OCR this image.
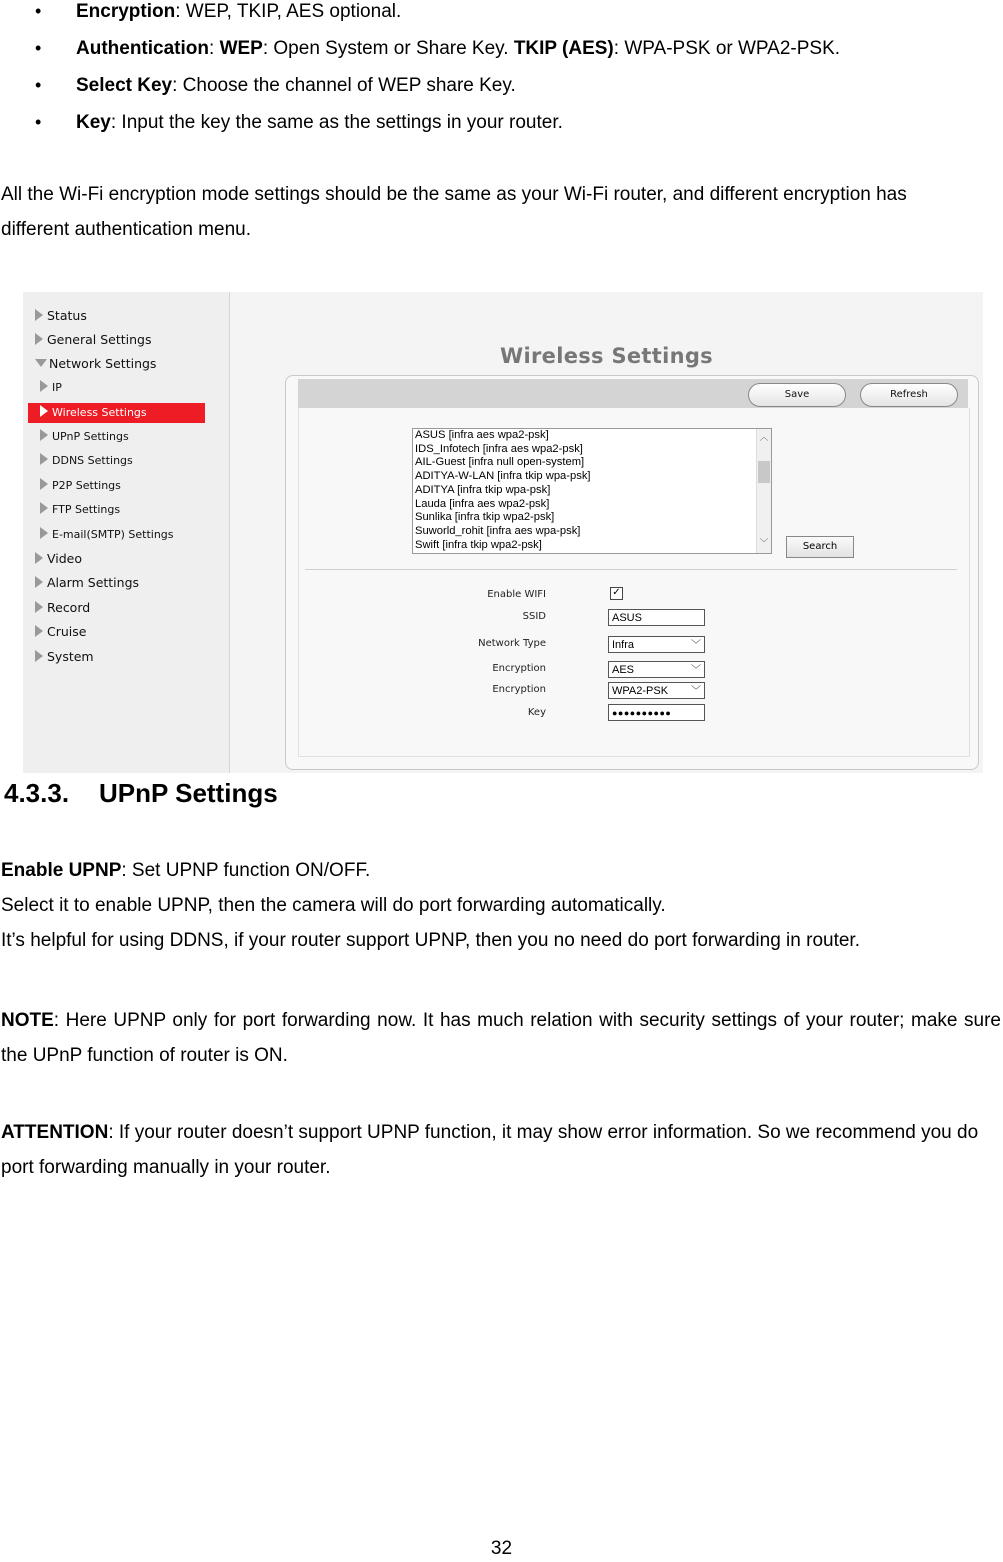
• Encryption: WEP, TKIP, AES optional.
• Authentication: WEP: Open System or Share Key. TKIP (AES): WPA-PSK or WPA2-PSK.
• Select Key: Choose the channel of WEP share Key.
• Key: Input the key the same as the settings in your router.
All the Wi-Fi encryption mode settings should be the same as your Wi-Fi router, and different encryption has
different authentication menu.
Status
General Settings
Network Settings
IP
Wireless Settings
UPnP Settings
DDNS Settings
P2P Settings
FTP Settings
E-mail(SMTP) Settings
Video
Alarm Settings
Record
Cruise
System
Wireless Settings
Save	Refresh
ASUS [infra aes wpa2-psk]
IDS_Infotech [infra aes wpa2-psk]
AIL-Guest [infra null open-system]
ADITYA-W-LAN [infra tkip wpa-psk]
ADITYA [infra tkip wpa-psk]
Lauda [infra aes wpa2-psk]
Sunlika [infra tkip wpa2-psk]
Suworld_rohit [infra aes wpa-psk]
Swift [infra tkip wpa2-psk]
︿
﹀	Search
Enable WIFI	✓
SSID	ASUS
Network Type	Infra	﹀
Encryption	AES	﹀
Encryption	WPA2-PSK ﹀
Key	●●●●●●●●●●
4.3.3. UPnP Settings
Enable UPNP: Set UPNP function ON/OFF.
Select it to enable UPNP, then the camera will do port forwarding automatically.
It’s helpful for using DDNS, if your router support UPNP, then you no need do port forwarding in router.
NOTE: Here UPNP only for port forwarding now. It has much relation with security settings of your router; make sure the UPnP function of router is ON.
ATTENTION: If your router doesn’t support UPNP function, it may show error information. So we recommend you do port forwarding manually in your router.
32
